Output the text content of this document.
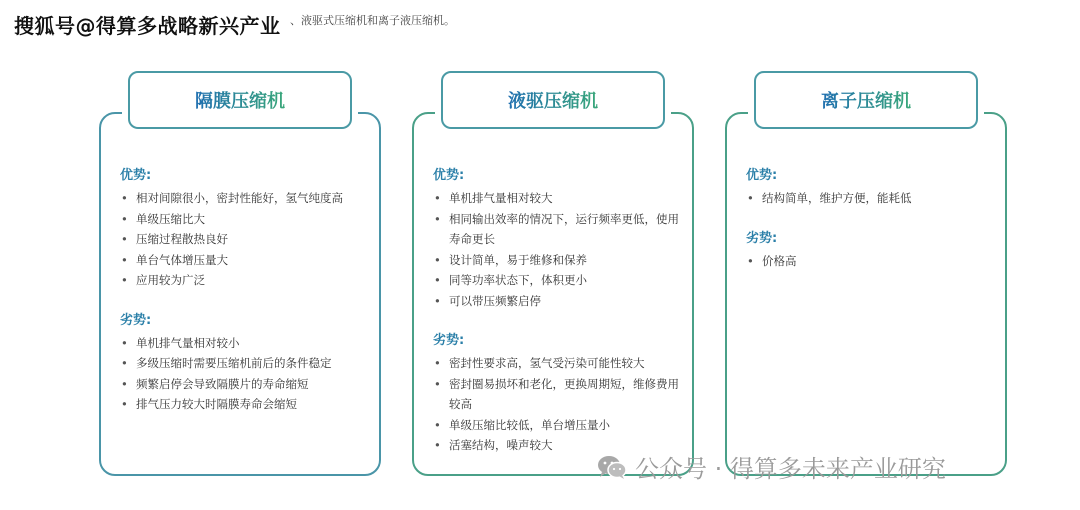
搜狐号@得算多战略新兴产业 、液驱式压缩机和离子液压缩机。
隔膜压缩机
优势:
• 相对间隙很小，密封性能好，氢气纯度高
• 单级压缩比大
• 压缩过程散热良好
• 单台气体增压量大
• 应用较为广泛
劣势:
• 单机排气量相对较小
• 多级压缩时需要压缩机前后的条件稳定
• 频繁启停会导致隔膜片的寿命缩短
• 排气压力较大时隔膜寿命会缩短
液驱压缩机
优势:
• 单机排气量相对较大
• 相同输出效率的情况下，运行频率更低，使用寿命更长
• 设计简单，易于维修和保养
• 同等功率状态下，体积更小
• 可以带压频繁启停
劣势:
• 密封性要求高，氢气受污染可能性较大
• 密封圈易损坏和老化，更换周期短，维修费用较高
• 单级压缩比较低，单台增压量小
• 活塞结构，噪声较大
离子压缩机
优势:
• 结构简单，维护方便，能耗低
劣势:
• 价格高
公众号 · 得算多未来产业研究
